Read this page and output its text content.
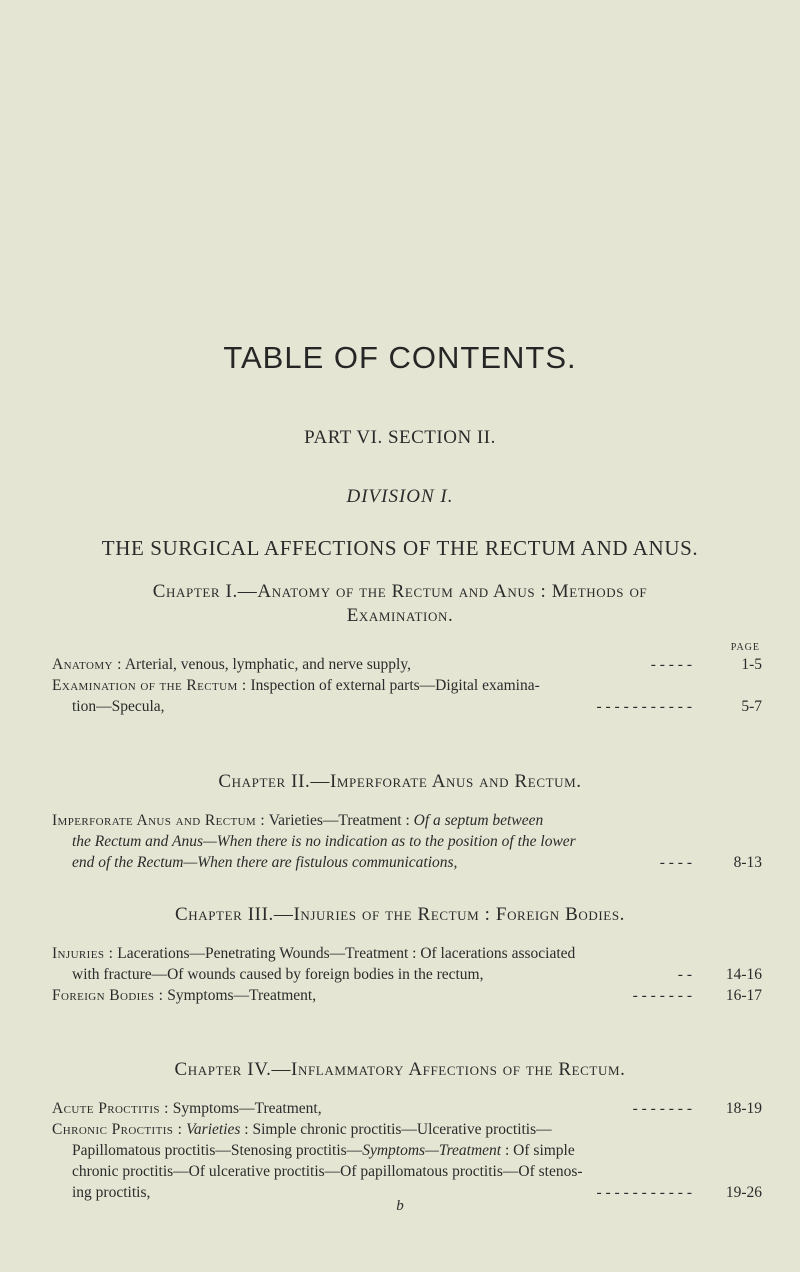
TABLE OF CONTENTS.
PART VI. SECTION II.
DIVISION I.
THE SURGICAL AFFECTIONS OF THE RECTUM AND ANUS.
Chapter I.—Anatomy of the Rectum and Anus : Methods of
Examination.
PAGE
Anatomy : Arterial, venous, lymphatic, and nerve supply,	- - - - -	1-5
Examination of the Rectum : Inspection of external parts—Digital examina-
tion—Specula,	- - - - - - - - - - -	5-7
Chapter II.—Imperforate Anus and Rectum.
Imperforate Anus and Rectum : Varieties—Treatment : Of a septum between
the Rectum and Anus—When there is no indication as to the position of the lower
end of the Rectum—When there are fistulous communications,	- - - -	8-13
Chapter III.—Injuries of the Rectum : Foreign Bodies.
Injuries : Lacerations—Penetrating Wounds—Treatment : Of lacerations associated
with fracture—Of wounds caused by foreign bodies in the rectum,	- -	14-16
Foreign Bodies : Symptoms—Treatment,	- - - - - - -	16-17
Chapter IV.—Inflammatory Affections of the Rectum.
Acute Proctitis : Symptoms—Treatment,	- - - - - - -	18-19
Chronic Proctitis : Varieties : Simple chronic proctitis—Ulcerative proctitis—
Papillomatous proctitis—Stenosing proctitis—Symptoms—Treatment : Of simple
chronic proctitis—Of ulcerative proctitis—Of papillomatous proctitis—Of stenos-
ing proctitis,	- - - - - - - - - - -	19-26
b
